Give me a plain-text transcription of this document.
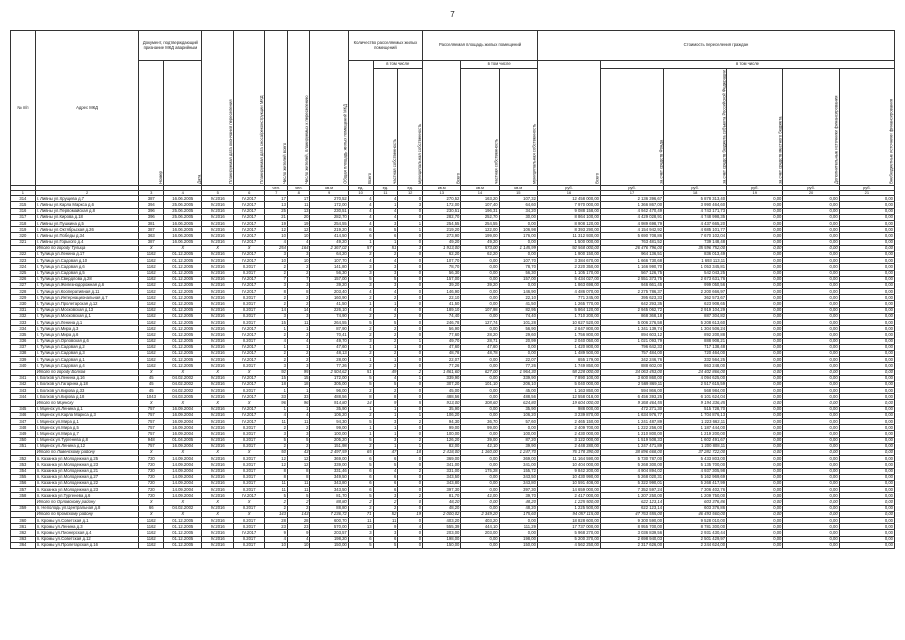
7
№ п/п	Адрес МКД	Документ, подтверждающий признание МКД аварийным		Планируемая дата окончания переселения	Планируемая дата сноса/реконструкции МКД	Число жителей всего	Число жителей, планируемых к переселению	Общая площадь жилых помещений МКД	Количество расселяемых жилых помещений			Расселяемая площадь жилых помещений			Стоимость переселения граждан					
		Номер	Дата						Всего	в том числе		Всего	в том числе		Всего	в том числе				
										частная собственность	муниципальная собственность		частная собственность	муниципальная собственность		за счет средств Фонда	за счет средств бюджета субъекта Российской Федерации	за счет средств местного бюджета	Дополнительные источники финансирования	Внебюджетные источники финансирования
						чел.	чел.	кв.м	ед.	ед.	ед.	кв.м	кв.м	кв.м	руб.	руб.	руб.	руб.	руб.	руб.
1	2	3	4	5	6	7	8	9	10	11	12	13	14	15	16	17	18	19	20	21
314	г. Ливны ул.Хрущева д.7	387	16.06.2005	IV.2016	IV.2017	17	17	270,52	4	4	0	270,52	163,20	107,32	12 458 000,00	2 136 396,67	5 878 313,40	0,00	0,00	0,00
315	г. Ливны ул.Карла Маркса д.6	394	25.06.2005	IV.2016	IV.2017	13	11	172,00	4	1	3	172,00	107,40	64,60	7 970 000,00	1 366 867,00	3 990 464,60	0,00	0,00	0,00
316	г. Ливны ул.Первомайская д.8	396	25.06.2005	IV.2016	IV.2017	25	13	230,51	4	4	0	230,51	196,31	34,20	9 088 158,00	4 942 470,49	4 743 171,73	0,00	0,00	0,00
317	г. Ливны ул.Кирова д.18	396	25.06.2005	IV.2016	IV.2017	21	20	282,70	4	4	0	282,70	252,70	30,00	8 864 100,00	4 429 028,91	4 748 998,35	0,00	0,00	0,00
318	г. Ливны ул.Пушкина д.5	381	16.06.2005	IV.2016	IV.2017	19	19	254,55	4	3	1	254,55	254,55	0,00	8 908 120,00	4 989 698,79	4 437 665,20	0,00	0,00	0,00
319	г. Ливны ул.Октябрьская д.26	387	16.06.2005	IV.2016	IV.2017	12	12	219,20	6	5	1	219,20	122,00	106,98	8 393 290,00	4 154 942,92	4 685 101,77	0,00	0,00	0,00
320	г. Ливны ул.Победы д.34	363	16.06.2005	IV.2016	IV.2017	10	10	414,50	6	6	0	273,90	199,00	176,00	11 312 930,00	5 690 708,86	7 670 102,04	0,00	0,00	0,00
321	г. Ливны ул.Горького д.4	387	16.06.2005	IV.2016	IV.2017	4	4	49,20	1	1	0	49,20	49,20	0,00	1 500 000,00	763 481,52	739 148,48	0,00	0,00	0,00
	Итого по городу Тулица	X	X	X	X	254	164	2 367,02	57	51	3	1 913,00	573,00	1 145,99	92 568 000,00	26 476 796,00	35 596 752,00	0,00	0,00	0,00
322	г. Тулица ул.Ленина д.17	1162	01.12.2005	IV.2016	IV.2017	3	3	64,20	2	2	0	62,20	62,20	0,00	1 900 150,00	964 136,51	836 013,49	0,00	0,00	0,00
323	г. Тулица ул.Садовая д.10	1162	01.12.2005	IV.2016	IV.2017	10	10	107,70	4	4	0	107,70	0,00	107,70	3 384 670,00	1 666 730,68	1 693 113,11	0,00	0,00	0,00
324	г. Тулица ул.Садовая д.6	1162	01.12.2005	IV.2016	II.2017	2	2	141,80	3	3	0	78,70	0,00	78,70	2 220 350,00	1 166 990,70	1 053 345,81	0,00	0,00	0,00
325	г. Тулица ул.Садовая д.5	1162	01.12.2005	IV.2016	II.2017	2	2	56,30	3	3	0	56,30	0,00	56,30	1 105 170,00	567 126,75	542 043,25	0,00	0,00	0,00
326	г. Тулица ул.Свердлова д.28	1162	01.12.2005	IV.2016	IV.2017	7	7	157,00	5	5	0	157,00	0,00	157,00	5 434 027,00	2 551 373,75	2 673 631,76	0,00	0,00	0,00
327	г. Тулица ул.Железнодорожная д.6	1162	01.12.2005	IV.2016	IV.2017	3	3	39,20	3	3	0	39,20	39,20	0,00	1 863 698,00	946 661,45	999 050,56	0,00	0,00	0,00
328	г. Тулица ул.Кооперативная д.11	1162	01.12.2005	IV.2016	IV.2017	8	8	203,40	4	4	0	146,90	0,00	146,90	4 486 070,00	2 275 786,37	2 200 666,97	0,00	0,00	0,00
329	г. Тулица ул.Интернациональная д.7	1162	01.12.2005	IV.2016	II.2017	2	2	160,90	2	2	0	22,10	0,00	22,10	771 245,00	395 623,33	362 573,67	0,00	0,00	0,00
330	г. Тулица ул.Пролетарская д.12	1162	01.12.2005	IV.2016	II.2017	2	2	41,50	1	1	0	41,50	0,00	41,50	1 265 770,00	642 293,35	623 908,65	0,00	0,00	0,00
331	г. Тулица ул.Московская д.13	1162	01.12.2005	IV.2016	II.2017	14	14	226,10	4	4	0	189,10	107,98	82,95	5 864 120,00	2 945 062,72	2 919 104,29	0,00	0,00	0,00
332	г. Тулица ул.Московская д.1	1162	01.12.2005	IV.2016	II.2017	3	3	74,90	2	2	0	74,40	0,00	74,40	1 710 200,00	868 368,18	887 304,82	0,00	0,00	0,00
333	г. Тулица ул.Ленина д.1	1162	01.12.2005	IV.2016	II.2017	15	11	264,55	5	5	0	246,78	127,74	101,28	10 627 520,00	5 006 276,58	5 208 613,60	0,00	0,00	0,00
334	г. Тулица ул.Мира д.3	1162	01.12.2005	IV.2016	IV.2017	1	1	87,90	2	2	0	56,90	0,00	56,90	2 647 800,00	1 341 139,74	1 304 506,24	0,00	0,00	0,00
335	г. Тулица ул.Мира д.6	1162	01.12.2005	IV.2016	IV.2017	2	2	70,41	2	2	0	77,60	28,20	29,60	1 756 800,00	894 603,12	892 200,88	0,00	0,00	0,00
336	г. Тулица ул.Орловская д.6	1162	01.12.2005	IV.2016	II.2017	4	4	49,70	3	2	1	49,70	28,71	20,99	2 040 050,00	1 021 093,79	888 908,21	0,00	0,00	0,00
337	г. Тулица ул.Садовая д.2	1162	01.12.2005	IV.2016	IV.2017	1	1	47,60	1	1	0	47,60	47,60	0,00	1 420 800,00	796 642,33	717 138,48	0,00	0,00	0,00
338	г. Тулица ул.Садовая д.3	1162	01.12.2005	IV.2016	IV.2017	2	2	48,13	2	2	0	48,78	48,78	0,00	1 489 500,00	757 484,00	720 464,00	0,00	0,00	0,00
339	г. Тулица ул.Садовая д.1	1162	01.12.2005	IV.2016	IV.2017	2	2	28,00	1	1	0	22,07	0,00	22,07	655 179,00	342 246,76	332 564,25	0,00	0,00	0,00
340	г. Тулица ул.Садовая д.4	1162	01.12.2005	IV.2016	II.2017	3	3	77,26	2	2	0	77,26	0,00	77,26	1 749 850,00	888 602,00	863 248,00	0,00	0,00	0,00
	Итого по городу Болхов	X	X	X	X	92	95	2 504,62	51	49	2	1 861,60	627,00	1 964,30	58 228 000,00	34 063 453,00	24 402 866,00	0,00	0,00	0,00
341	г. Болхов ул.Ленина д.16	45	04.02.2002	IV.2016	IV.2017	15	15	172,00	5	4	1	339,90	0,00	339,90	7 890 100,00	3 600 860,00	4 094 625,00	0,00	0,00	0,00
342	г. Болхов ул.Гагарина д.18	45	04.02.2002	IV.2016	IV.2017	18	18	305,00	5	5	0	307,20	101,10	206,10	5 040 000,00	2 569 869,11	2 517 615,59	0,00	0,00	0,00
343	г. Болхов ул.Кирова д.33	45	04.02.2002	IV.2016	II.2017	1	1	96,00	2	2	0	45,00	0,00	45,00	1 163 850,00	594 866,00	568 984,00	0,00	0,00	0,00
344	г. Болхов ул.Кирова д.18	1043	04.03.2005	IV.2016	IV.2017	33	33	488,56	8	8	0	488,56	0,00	488,56	12 558 018,00	6 456 393,25	6 101 624,04	0,00	0,00	0,00
	Итого по Мценску	X	X	X	X	96	96	914,80	14	9	5	913,00	308,60	624,80	19 604 000,00	9 368 464,55	9 194 336,45	0,00	0,00	0,00
345	г. Мценск ул.Ленина д.1	757	16.09.2004	IV.2016	IV.2017	1	1	35,90	1	1	0	35,90	0,00	35,90	988 000,00	472 271,30	515 728,70	0,00	0,00	0,00
346	г. Мценск ул.Карла Маркса д.3	757	16.09.2004	IV.2016	IV.2017	4	4	106,20	2	1	1	106,20	0,00	106,20	3 239 870,00	1 634 976,77	1 704 876,13	0,00	0,00	0,00
347	г. Мценск ул.Мира д.1	757	16.09.2004	IV.2016	IV.2017	11	11	94,30	5	3	2	94,30	36,70	57,60	2 465 150,00	1 241 487,89	1 223 662,11	0,00	0,00	0,00
348	г. Мценск ул.Мира д.5	757	16.09.2004	IV.2016	II.2017	2	2	99,00	1	1	0	99,00	99,00	0,00	2 409 700,00	1 222 256,00	1 187 444,00	0,00	0,00	0,00
349	г. Мценск ул.Мира д.7	757	16.09.2004	IV.2016	II.2017	3	3	100,00	1	1	0	100,00	0,00	100,00	2 430 000,00	1 210 800,00	1 219 200,00	0,00	0,00	0,00
350	г. Мценск ул.Тургенева д.8	948	01.04.2005	IV.2016	II.2017	5	5	205,20	5	3	2	126,20	39,00	87,20	3 122 000,00	1 519 508,33	1 602 491,67	0,00	0,00	0,00
351	г. Мценск ул.Ленина д.12	757	16.09.2004	IV.2016	II.2017	2	2	151,98	2	1	1	82,00	42,10	39,90	2 448 280,00	1 247 471,89	1 200 808,11	0,00	0,00	0,00
	Итого по Ливенскому району	X	X	X	X	50	43	2 497,59	65	47	18	2 418,00	1 160,00	1 247,70	76 178 390,00	38 896 668,00	37 281 722,00	0,00	0,00	0,00
352	п. Казанка ул.Молодежная д.25	720	14.09.2004	IV.2016	II.2017	12	12	369,00	6	6	0	369,00	0,00	369,00	11 164 590,00	5 730 787,00	5 433 803,00	0,00	0,00	0,00
353	п. Казанка ул.Молодежная д.23	720	14.09.2004	IV.2016	II.2017	12	12	339,00	5	5	0	341,00	0,00	341,00	10 404 000,00	5 268 300,00	5 135 700,00	0,00	0,00	0,00
354	п. Казанка ул.Молодежная д.21	720	14.09.2004	IV.2016	II.2017	8	8	331,46	6	4	2	331,00	175,28	155,72	9 842 200,00	4 904 894,02	4 937 305,98	0,00	0,00	0,00
355	п. Казанка ул.Молодежная д.27	720	14.09.2004	IV.2016	II.2017	8	8	349,50	6	6	0	343,50	0,00	343,50	10 430 990,00	5 268 020,31	5 162 969,69	0,00	0,00	0,00
356	п. Казанка ул.Молодежная д.22	720	14.09.2004	IV.2016	II.2017	11	11	343,80	6	6	0	343,80	0,00	343,80	10 591 408,00	5 322 990,01	5 268 417,99	0,00	0,00	0,00
357	п. Казанка ул.Молодежная д.23	720	14.09.2004	IV.2016	II.2017	11	11	343,50	6	6	0	397,30	0,00	397,30	14 659 000,00	7 352 597,24	7 306 402,76	0,00	0,00	0,00
358	п. Казанка ул.Тургенева д.6	720	14.09.2004	IV.2016	IV.2017	5	5	81,70	5	3	2	81,70	42,00	39,70	2 417 000,00	1 207 250,00	1 209 750,00	0,00	0,00	0,00
	Итого по Орловскому району	X	X	X	X	2	2	88,80	2	2	0	48,20	0,00	48,20	1 225 500,00	622 123,14	603 376,86	0,00	0,00	0,00
359	п. Неполодь ул.Центральная д.8	66	04.02.2002	IV.2016	II.2017	2	2	88,80	2	2	0	48,20	0,00	48,20	1 225 500,00	622 123,14	603 376,86	0,00	0,00	0,00
	Итого по Кромскому району	X	X	X	X	143	143	7 236,72	71	52	19	2 000,02	2 349,20	175,60	94 057 115,00	47 763 555,00	46 493 560,00	0,00	0,00	0,00
360	п. Кромы ул.Советская д.1	1162	01.12.2005	IV.2016	II.2017	28	28	600,70	11	11	0	403,20	403,20	0,00	18 828 600,00	9 300 590,00	9 528 010,00	0,00	0,00	0,00
361	п. Кромы ул.Ленина д.3	1162	01.12.2005	IV.2016	II.2017	23	23	570,00	13	9	4	555,39	444,10	111,29	17 737 000,00	8 955 700,00	8 781 300,00	0,00	0,00	0,00
362	п. Кромы ул.Пионерская д.4	1162	01.12.2005	IV.2016	IV.2017	9	9	203,57	3	3	0	203,00	203,00	0,00	5 968 270,00	3 036 839,56	2 931 430,44	0,00	0,00	0,00
363	п. Кромы ул.Советская д.12	1162	01.12.2005	IV.2016	II.2017	4	4	198,20	6	6	0	198,00	0,00	198,00	5 200 370,00	2 698 940,03	2 501 429,97	0,00	0,00	0,00
364	п. Кромы ул.Пролетарская д.16	1162	01.12.2005	IV.2016	II.2017	10	10	150,00	5	5	0	150,00	0,00	150,00	4 562 250,00	2 317 626,00	2 244 624,00	0,00	0,00	0,00
